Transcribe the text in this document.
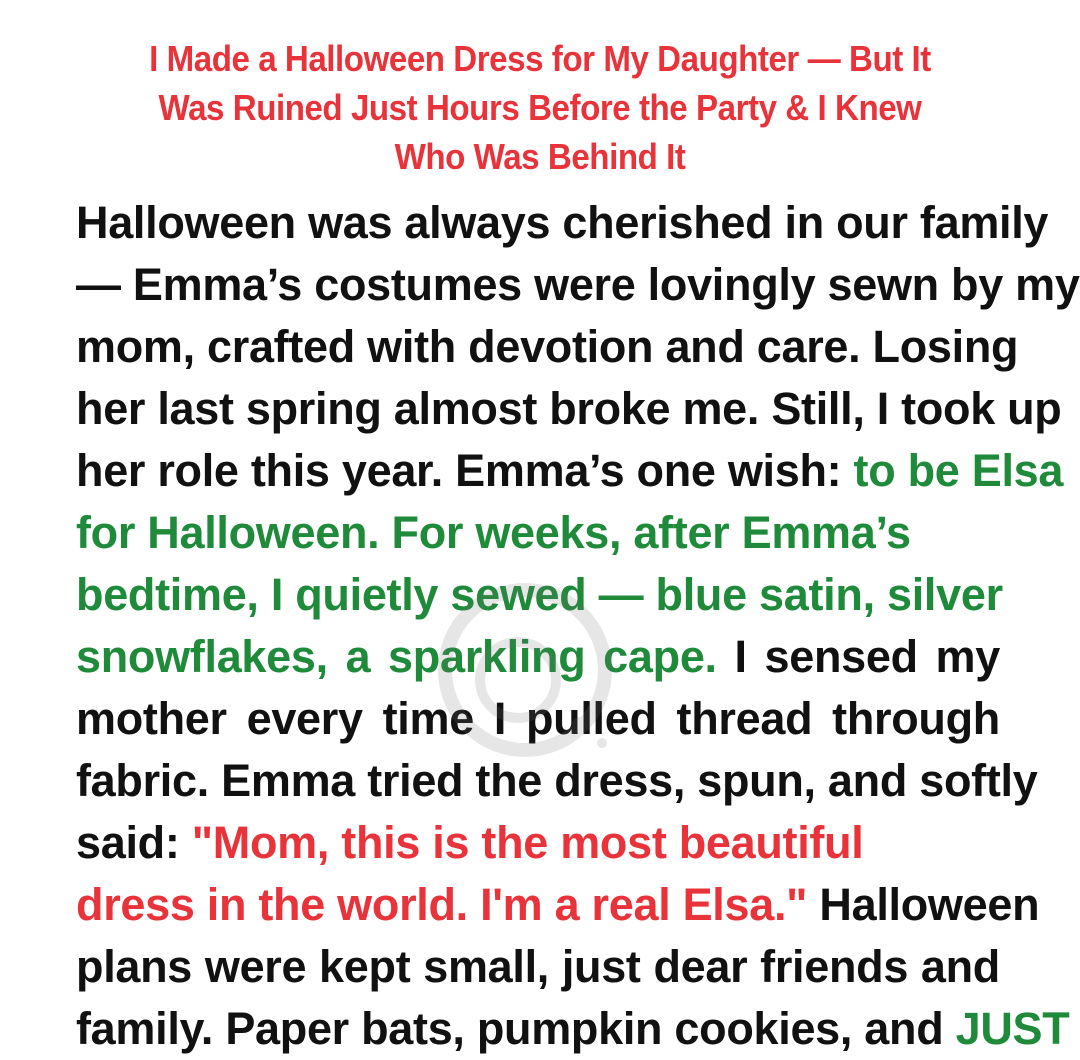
I Made a Halloween Dress for My Daughter — But It
Was Ruined Just Hours Before the Party & I Knew
Who Was Behind It
Halloween was always cherished in our family
— Emma’s costumes were lovingly sewn by my
mom, crafted with devotion and care. Losing
her last spring almost broke me. Still, I took up
her role this year. Emma’s one wish: to be Elsa
for Halloween. For weeks, after Emma’s
bedtime, I quietly sewed — blue satin, silver
snowflakes, a sparkling cape. I sensed my
mother every time I pulled thread through
fabric. Emma tried the dress, spun, and softly
said: "Mom, this is the most beautiful
dress in the world. I'm a real Elsa." Halloween
plans were kept small, just dear friends and
family. Paper bats, pumpkin cookies, and JUST
